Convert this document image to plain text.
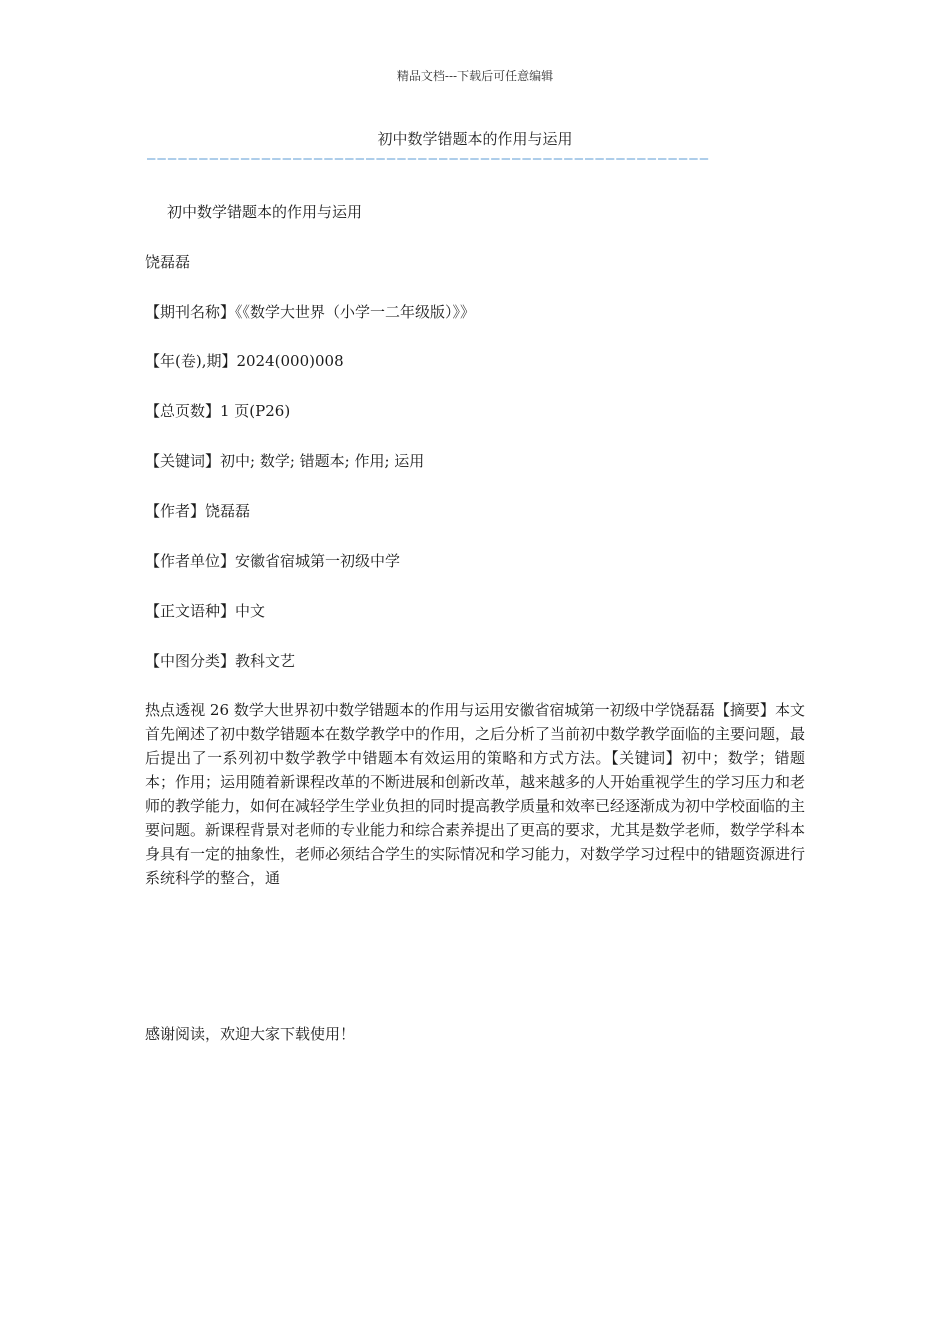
精品文档---下载后可任意编辑
初中数学错题本的作用与运用
——————————————————————————————————————————————————————
初中数学错题本的作用与运用
饶磊磊
【期刊名称】《《数学大世界（小学一二年级版）》》
【年(卷),期】2024(000)008
【总页数】1 页(P26)
【关键词】初中; 数学; 错题本; 作用; 运用
【作者】饶磊磊
【作者单位】安徽省宿城第一初级中学
【正文语种】中文
【中图分类】教科文艺
热点透视 26 数学大世界初中数学错题本的作用与运用安徽省宿城第一初级中学饶磊磊【摘要】本文首先阐述了初中数学错题本在数学教学中的作用，之后分析了当前初中数学教学面临的主要问题，最后提出了一系列初中数学教学中错题本有效运用的策略和方式方法。【关键词】初中；数学；错题本；作用；运用随着新课程改革的不断进展和创新改革，越来越多的人开始重视学生的学习压力和老师的教学能力，如何在减轻学生学业负担的同时提高教学质量和效率已经逐渐成为初中学校面临的主要问题。新课程背景对老师的专业能力和综合素养提出了更高的要求，尤其是数学老师，数学学科本身具有一定的抽象性，老师必须结合学生的实际情况和学习能力，对数学学习过程中的错题资源进行系统科学的整合，通
感谢阅读，欢迎大家下载使用！
